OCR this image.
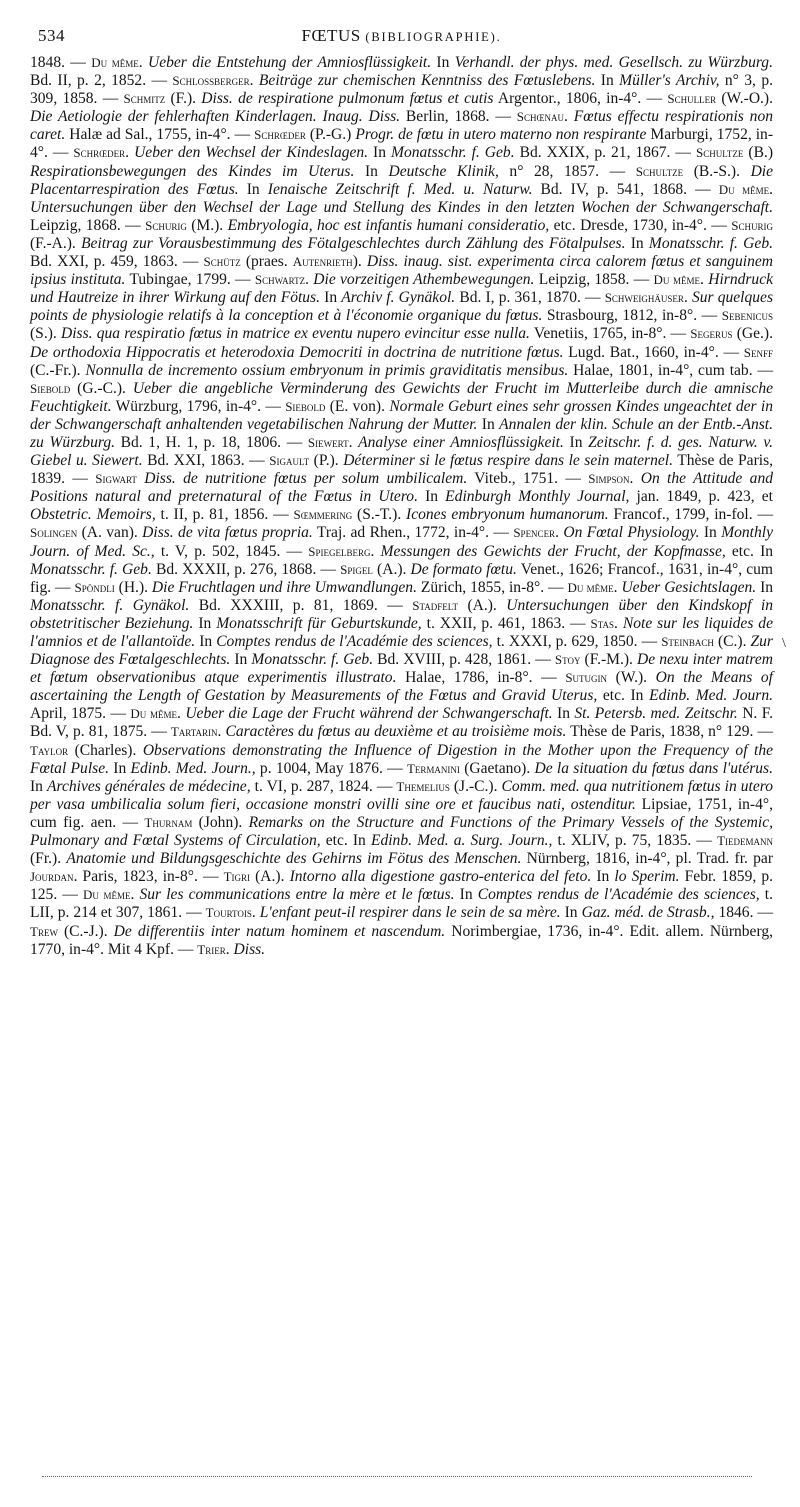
534	FŒTUS (BIBLIOGRAPHIE).
1848. — Du même. Ueber die Entstehung der Amniosflüssigkeit. In Verhandl. der phys. med. Gesellsch. zu Würzburg. Bd. II, p. 2, 1852. — Schlossberger. Beiträge zur chemischen Kenntniss des Fœtuslebens. In Müller's Archiv, n° 3, p. 309, 1858. — Schmitz (F.). Diss. de respiratione pulmonum fœtus et cutis Argentor., 1806, in-4°. — Schuller (W.-O.). Die Aetiologie der fehlerhaften Kinderlagen. Inaug. Diss. Berlin, 1868. — Schœnau. Fœtus effectu respirationis non caret. Halæ ad Sal., 1755, in-4°. — Schrœder (P.-G.) Progr. de fœtu in utero materno non respirante Marburgi, 1752, in-4°. — Schrœder. Ueber den Wechsel der Kindeslagen. In Monatsschr. f. Geb. Bd. XXIX, p. 21, 1867. — Schultze (B.) Respirationsbewegungen des Kindes im Uterus. In Deutsche Klinik, n° 28, 1857. — Schultze (B.-S.). Die Placentarrespiration des Fœtus. In Ienaische Zeitschrift f. Med. u. Naturw. Bd. IV, p. 541, 1868. — Du même. Untersuchungen über den Wechsel der Lage und Stellung des Kindes in den letzten Wochen der Schwangerschaft. Leipzig, 1868. — Schurig (M.). Embryologia, hoc est infantis humani consideratio, etc. Dresde, 1730, in-4°. — Schurig (F.-A.). Beitrag zur Vorausbestimmung des Fötalgeschlechtes durch Zählung des Fötalpulses. In Monatsschr. f. Geb. Bd. XXI, p. 459, 1863. — Schütz (praes. Autenrieth). Diss. inaug. sist. experimenta circa calorem fœtus et sanguinem ipsius instituta. Tubingae, 1799. — Schwartz. Die vorzeitigen Athembewegungen. Leipzig, 1858. — Du même. Hirndruck und Hautreize in ihrer Wirkung auf den Fötus. In Archiv f. Gynäkol. Bd. I, p. 361, 1870. — Schweighäuser. Sur quelques points de physiologie relatifs à la conception et à l'économie organique du fœtus. Strasbourg, 1812, in-8°. — Sebenicus (S.). Diss. qua respiratio fœtus in matrice ex eventu nupero evincitur esse nulla. Venetiis, 1765, in-8°. — Segerus (Ge.). De orthodoxia Hippocratis et heterodoxia Democriti in doctrina de nutritione fœtus. Lugd. Bat., 1660, in-4°. — Senff (C.-Fr.). Nonnulla de incremento ossium embryonum in primis graviditatis mensibus. Halae, 1801, in-4°, cum tab. — Siebold (G.-C.). Ueber die angebliche Verminderung des Gewichts der Frucht im Mutterleibe durch die amnische Feuchtigkeit. Würzburg, 1796, in-4°. — Siebold (E. von). Normale Geburt eines sehr grossen Kindes ungeachtet der in der Schwangerschaft anhaltenden vegetabilischen Nahrung der Mutter. In Annalen der klin. Schule an der Entb.-Anst. zu Würzburg. Bd. 1, H. 1, p. 18, 1806. — Siewert. Analyse einer Amniosflüssigkeit. In Zeitschr. f. d. ges. Naturw. v. Giebel u. Siewert. Bd. XXI, 1863. — Sigault (P.). Déterminer si le fœtus respire dans le sein maternel. Thèse de Paris, 1839. — Sigwart Diss. de nutritione fœtus per solum umbilicalem. Viteb., 1751. — Simpson. On the Attitude and Positions natural and preternatural of the Fœtus in Utero. In Edinburgh Monthly Journal, jan. 1849, p. 423, et Obstetric. Memoirs, t. II, p. 81, 1856. — Sœmmering (S.-T.). Icones embryonum humanorum. Francof., 1799, in-fol. — Solingen (A. van). Diss. de vita fœtus propria. Traj. ad Rhen., 1772, in-4°. — Spencer. On Fœtal Physiology. In Monthly Journ. of Med. Sc., t. V, p. 502, 1845. — Spiegelberg. Messungen des Gewichts der Frucht, der Kopfmasse, etc. In Monatsschr. f. Geb. Bd. XXXII, p. 276, 1868. — Spigel (A.). De formato fœtu. Venet., 1626; Francof., 1631, in-4°, cum fig. — Spöndli (H.). Die Fruchtlagen und ihre Umwandlungen. Zürich, 1855, in-8°. — Du même. Ueber Gesichtslagen. In Monatsschr. f. Gynäkol. Bd. XXXIII, p. 81, 1869. — Stadfelt (A.). Untersuchungen über den Kindskopf in obstetritischer Beziehung. In Monatsschrift für Geburtskunde, t. XXII, p. 461, 1863. — Stas. Note sur les liquides de l'amnios et de l'allantoïde. In Comptes rendus de l'Académie des sciences, t. XXXI, p. 629, 1850. — Steinbach (C.). Zur Diagnose des Fœtalgeschlechts. In Monatsschr. f. Geb. Bd. XVIII, p. 428, 1861. — Stoy (F.-M.). De nexu inter matrem et fœtum observationibus atque experimentis illustrato. Halae, 1786, in-8°. — Sutugin (W.). On the Means of ascertaining the Length of Gestation by Measurements of the Fœtus and Gravid Uterus, etc. In Edinb. Med. Journ. April, 1875. — Du même. Ueber die Lage der Frucht während der Schwangerschaft. In St. Petersb. med. Zeitschr. N. F. Bd. V, p. 81, 1875. — Tartarin. Caractères du fœtus au deuxième et au troisième mois. Thèse de Paris, 1838, n° 129. — Taylor (Charles). Observations demonstrating the Influence of Digestion in the Mother upon the Frequency of the Fœtal Pulse. In Edinb. Med. Journ., p. 1004, May 1876. — Termanini (Gaetano). De la situation du fœtus dans l'utérus. In Archives générales de médecine, t. VI, p. 287, 1824. — Themelius (J.-C.). Comm. med. qua nutritionem fœtus in utero per vasa umbilicalia solum fieri, occasione monstri ovilli sine ore et faucibus nati, ostenditur. Lipsiae, 1751, in-4°, cum fig. aen. — Thurnam (John). Remarks on the Structure and Functions of the Primary Vessels of the Systemic, Pulmonary and Fœtal Systems of Circulation, etc. In Edinb. Med. a. Surg. Journ., t. XLIV, p. 75, 1835. — Tiedemann (Fr.). Anatomie und Bildungsgeschichte des Gehirns im Fötus des Menschen. Nürnberg, 1816, in-4°, pl. Trad. fr. par Jourdan. Paris, 1823, in-8°. — Tigri (A.). Intorno alla digestione gastro-enterica del feto. In lo Sperim. Febr. 1859, p. 125. — Du même. Sur les communications entre la mère et le fœtus. In Comptes rendus de l'Académie des sciences, t. LII, p. 214 et 307, 1861. — Tourtois. L'enfant peut-il respirer dans le sein de sa mère. In Gaz. méd. de Strasb., 1846. — Trew (C.-J.). De differentiis inter natum hominem et nascendum. Norimbergiae, 1736, in-4°. Edit. allem. Nürnberg, 1770, in-4°. Mit 4 Kpf. — Trier. Diss.
\
